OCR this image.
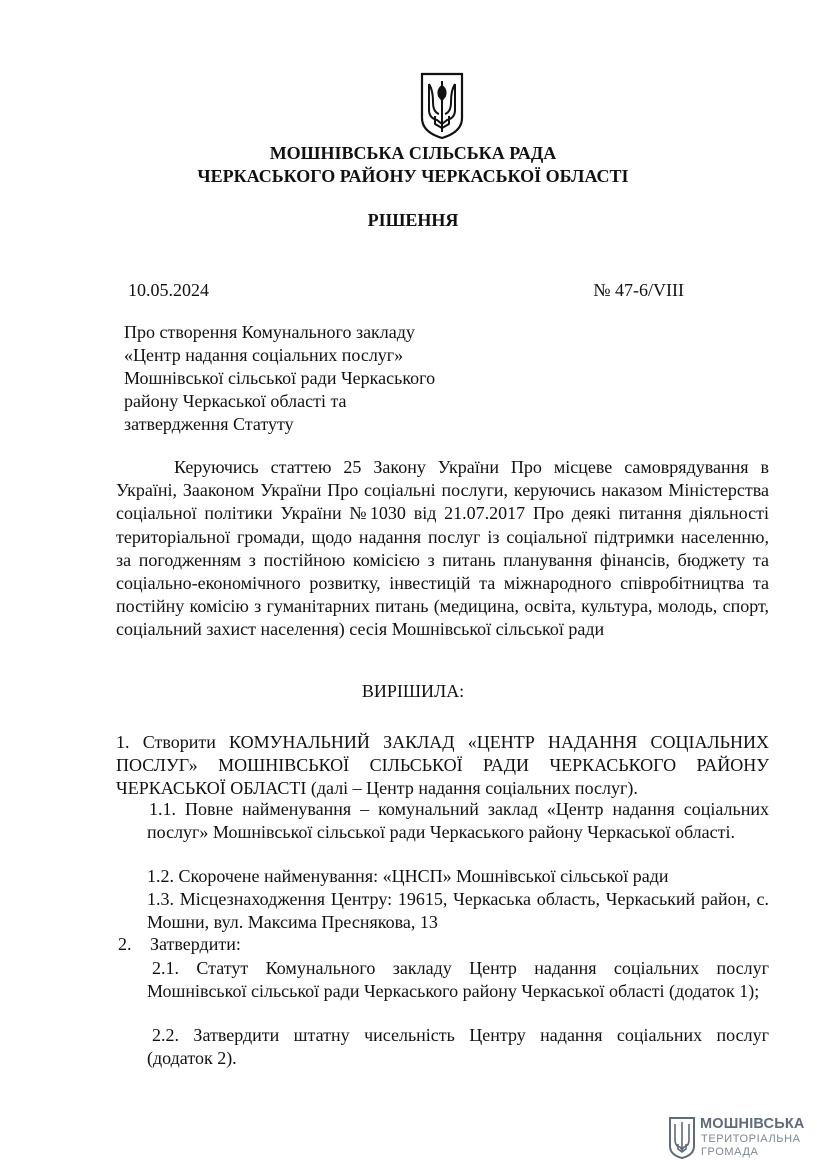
МОШНІВСЬКА СІЛЬСЬКА РАДА
ЧЕРКАСЬКОГО РАЙОНУ ЧЕРКАСЬКОЇ ОБЛАСТІ
РІШЕННЯ
10.05.2024	№ 47-6/VIII
Про створення Комунального закладу «Центр надання соціальних послуг» Мошнівської сільської ради Черкаського району Черкаської області та затвердження Статуту
Керуючись статтею 25 Закону України Про місцеве самоврядування в Україні, Зааконом України Про соціальні послуги, керуючись наказом Міністерства соціальної політики України №1030 від 21.07.2017 Про деякі питання діяльності територіальної громади, щодо надання послуг із соціальної підтримки населенню, за погодженням з постійною комісією з питань планування фінансів, бюджету та соціально-економічного розвитку, інвестицій та міжнародного співробітництва та постійну комісію з гуманітарних питань (медицина, освіта, культура, молодь, спорт, соціальний захист населення) сесія Мошнівської сільської ради
ВИРІШИЛА:
1. Створити КОМУНАЛЬНИЙ ЗАКЛАД «ЦЕНТР НАДАННЯ СОЦІАЛЬНИХ ПОСЛУГ» МОШНІВСЬКОЇ СІЛЬСЬКОЇ РАДИ ЧЕРКАСЬКОГО РАЙОНУ ЧЕРКАСЬКОЇ ОБЛАСТІ (далі – Центр надання соціальних послуг).
1.1. Повне найменування – комунальний заклад «Центр надання соціальних послуг» Мошнівської сільської ради Черкаського району Черкаської області.
1.2. Скорочене найменування: «ЦНСП» Мошнівської сільської ради
1.3. Місцезнаходження Центру: 19615, Черкаська область, Черкаський район, с. Мошни, вул. Максима Преснякова, 13
2. Затвердити:
2.1. Статут Комунального закладу Центр надання соціальних послуг Мошнівської сільської ради Черкаського району Черкаської області (додаток 1);
2.2. Затвердити штатну чисельність Центру надання соціальних послуг (додаток 2).
МОШНІВСЬКА
ТЕРИТОРІАЛЬНА
ГРОМАДА
